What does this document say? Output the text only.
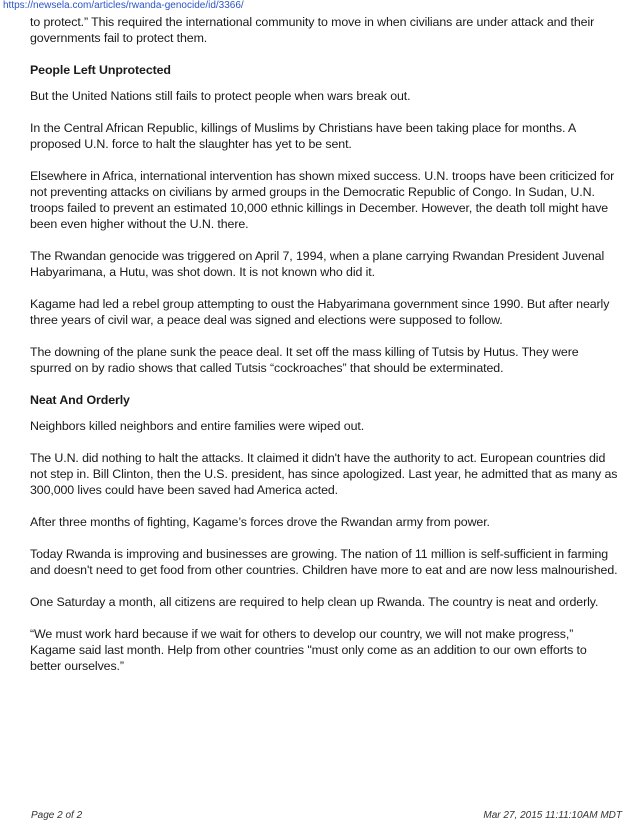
https://newsela.com/articles/rwanda-genocide/id/3366/

to protect.” This required the international community to move in when civilians are under attack and their governments fail to protect them.

People Left Unprotected

But the United Nations still fails to protect people when wars break out.

In the Central African Republic, killings of Muslims by Christians have been taking place for months. A proposed U.N. force to halt the slaughter has yet to be sent.

Elsewhere in Africa, international intervention has shown mixed success. U.N. troops have been criticized for not preventing attacks on civilians by armed groups in the Democratic Republic of Congo. In Sudan, U.N. troops failed to prevent an estimated 10,000 ethnic killings in December. However, the death toll might have been even higher without the U.N. there.

The Rwandan genocide was triggered on April 7, 1994, when a plane carrying Rwandan President Juvenal Habyarimana, a Hutu, was shot down. It is not known who did it.

Kagame had led a rebel group attempting to oust the Habyarimana government since 1990. But after nearly three years of civil war, a peace deal was signed and elections were supposed to follow.

The downing of the plane sunk the peace deal. It set off the mass killing of Tutsis by Hutus. They were spurred on by radio shows that called Tutsis “cockroaches” that should be exterminated.

Neat And Orderly

Neighbors killed neighbors and entire families were wiped out.

The U.N. did nothing to halt the attacks. It claimed it didn't have the authority to act. European countries did not step in. Bill Clinton, then the U.S. president, has since apologized. Last year, he admitted that as many as 300,000 lives could have been saved had America acted.

After three months of fighting, Kagame’s forces drove the Rwandan army from power.

Today Rwanda is improving and businesses are growing. The nation of 11 million is self-sufficient in farming and doesn't need to get food from other countries. Children have more to eat and are now less malnourished.

One Saturday a month, all citizens are required to help clean up Rwanda. The country is neat and orderly.

“We must work hard because if we wait for others to develop our country, we will not make progress,” Kagame said last month. Help from other countries "must only come as an addition to our own efforts to better ourselves.”

Page 2 of 2	Mar 27, 2015 11:11:10AM MDT
